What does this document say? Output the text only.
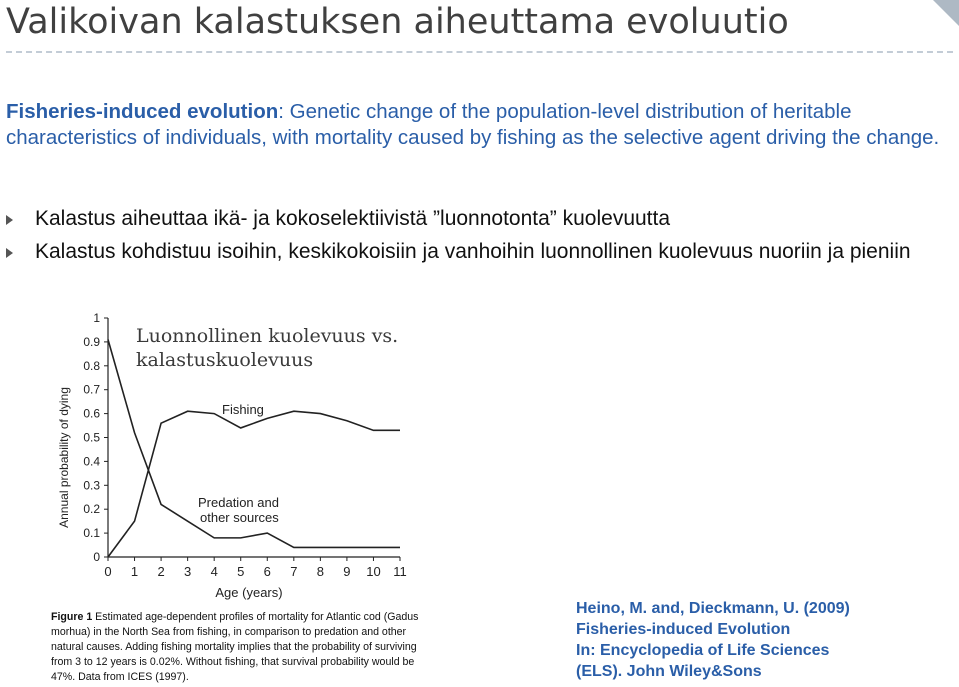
Valikoivan kalastuksen aiheuttama evoluutio
Fisheries-induced evolution: Genetic change of the population-level distribution of heritable characteristics of individuals, with mortality caused by fishing as the selective agent driving the change.
Kalastus aiheuttaa ikä- ja kokoselektiivistä ”luonnotonta” kuolevuutta
Kalastus kohdistuu isoihin, keskikokoisiin ja vanhoihin luonnollinen kuolevuus nuoriin ja pieniin
Luonnollinen kuolevuus vs.
kalastuskuolevuus
0
0.1
0.2
0.3
0.4
0.5
0.6
0.7
0.8
0.9
1
0 1 2 3 4 5 6 7 8 9 10 11
Age (years)
Annual probability of dying	Fishing
Predation and
other sources
Figure 1 Estimated age-dependent profiles of mortality for Atlantic cod (Gadus morhua) in the North Sea from fishing, in comparison to predation and other natural causes. Adding fishing mortality implies that the probability of surviving from 3 to 12 years is 0.02%. Without fishing, that survival probability would be 47%. Data from ICES (1997).
Heino, M. and, Dieckmann, U. (2009)
Fisheries-induced Evolution
In: Encyclopedia of Life Sciences
(ELS). John Wiley&Sons
